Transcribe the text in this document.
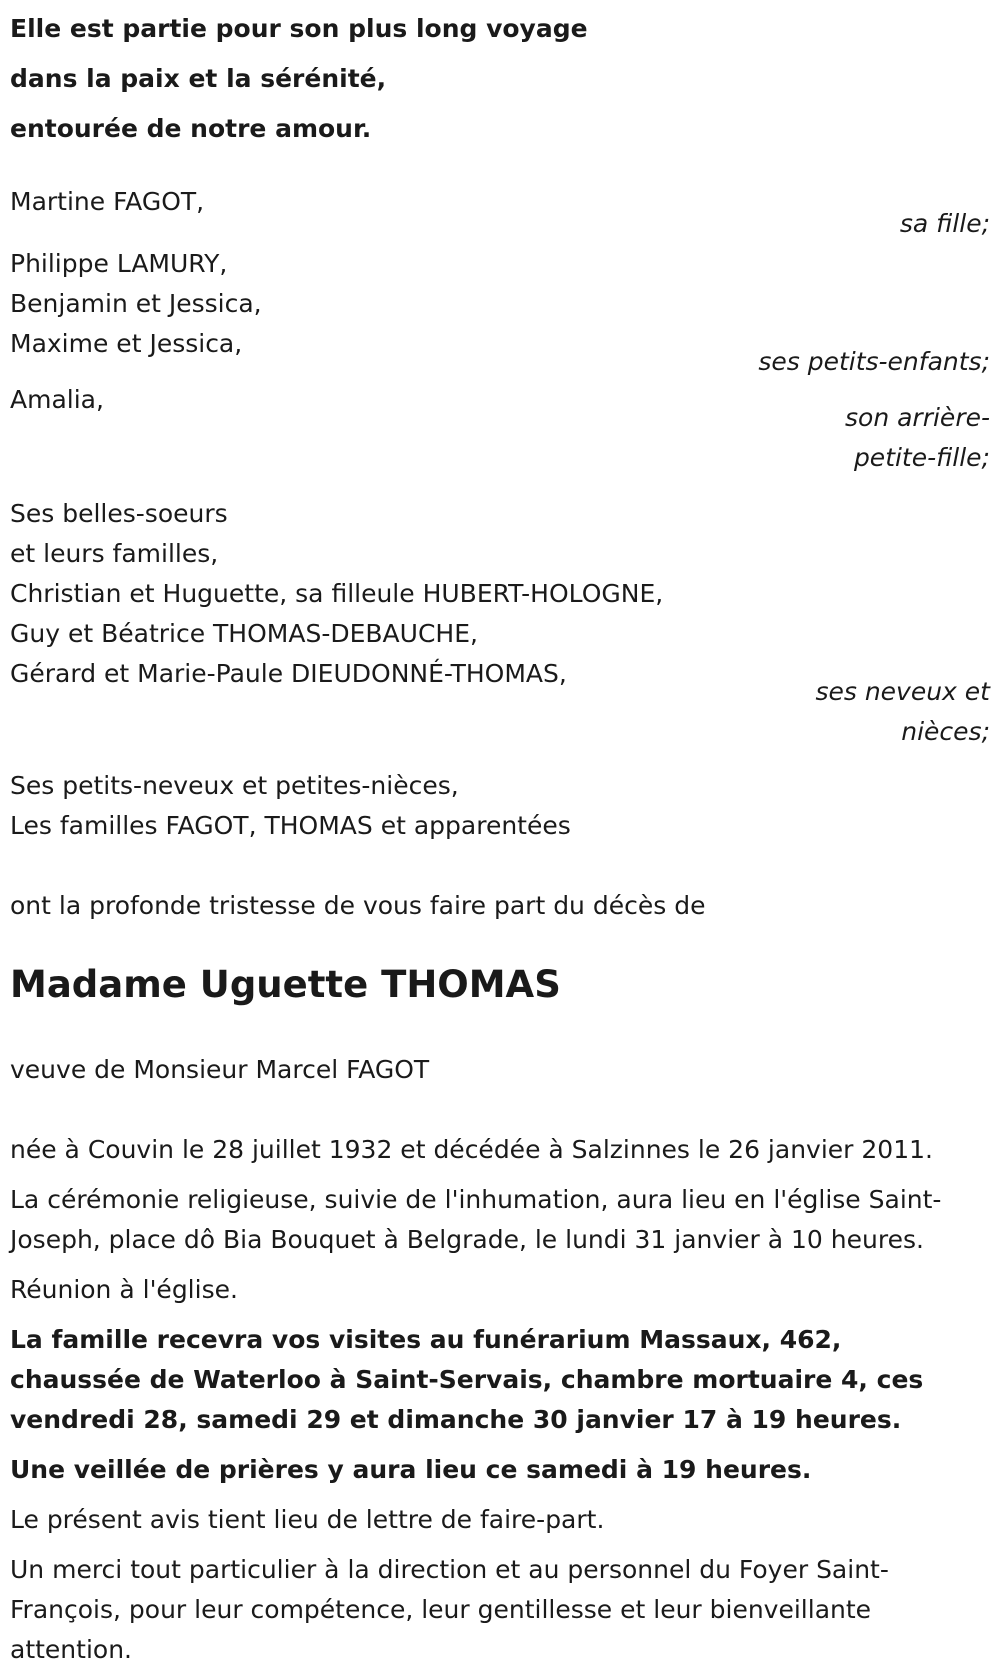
Elle est partie pour son plus long voyage
dans la paix et la sérénité,
entourée de notre amour.
Martine FAGOT,
sa fille;
Philippe LAMURY,
Benjamin et Jessica,
Maxime et Jessica,
ses petits-enfants;
Amalia,
son arrière-petite-fille;
Ses belles-soeurs
et leurs familles,
Christian et Huguette, sa filleule HUBERT-HOLOGNE,
Guy et Béatrice THOMAS-DEBAUCHE,
Gérard et Marie-Paule DIEUDONNÉ-THOMAS,
ses neveux et nièces;
Ses petits-neveux et petites-nièces,
Les familles FAGOT, THOMAS et apparentées
ont la profonde tristesse de vous faire part du décès de
Madame Uguette THOMAS
veuve de Monsieur Marcel FAGOT

née à Couvin le 28 juillet 1932 et décédée à Salzinnes le 26 janvier 2011.

La cérémonie religieuse, suivie de l'inhumation, aura lieu en l'église Saint-Joseph, place dô Bia Bouquet à Belgrade, le lundi 31 janvier à 10 heures.

Réunion à l'église.

La famille recevra vos visites au funérarium Massaux, 462, chaussée de Waterloo à Saint-Servais, chambre mortuaire 4, ces vendredi 28, samedi 29 et dimanche 30 janvier 17 à 19 heures.

Une veillée de prières y aura lieu ce samedi à 19 heures.

Le présent avis tient lieu de lettre de faire-part.

Un merci tout particulier à la direction et au personnel du Foyer Saint-François, pour leur compétence, leur gentillesse et leur bienveillante attention.
